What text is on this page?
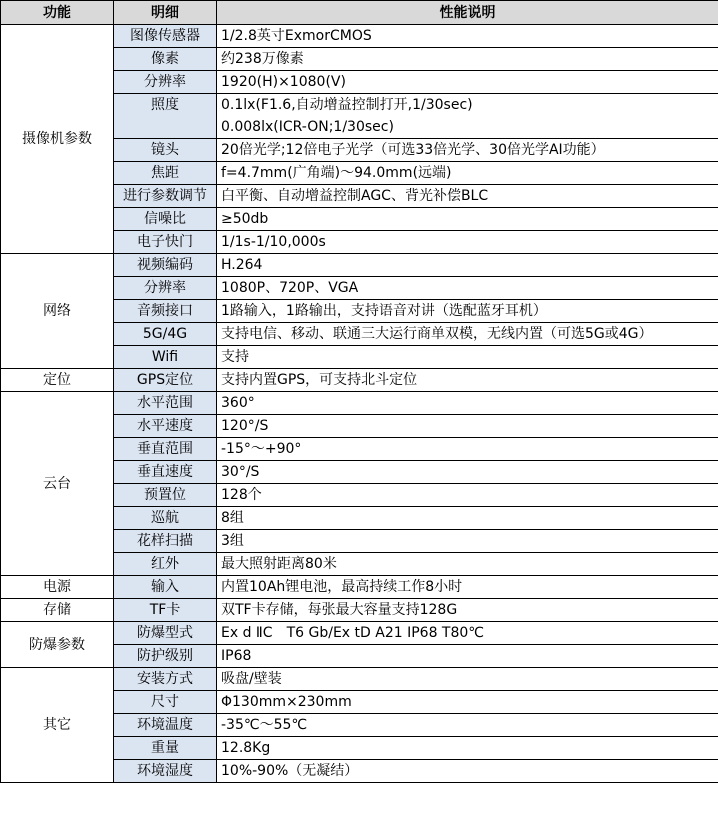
功能	明细	性能说明
摄像机参数	图像传感器	1/2.8英寸ExmorCMOS

	像素	约238万像素

	分辨率	1920(H)×1080(V)

	照度	0.1lx(F1.6,自动增益控制打开,1/30sec)
0.008lx(ICR-ON;1/30sec)

	镜头	20倍光学;12倍电子光学（可选33倍光学、30倍光学AI功能）

	焦距	f=4.7mm(广角端)～94.0mm(远端)

	进行参数调节	白平衡、自动增益控制AGC、背光补偿BLC

	信噪比	≥50db

	电子快门	1/1s-1/10,000s

网络	视频编码	H.264

	分辨率	1080P、720P、VGA

	音频接口	1路输入，1路输出，支持语音对讲（选配蓝牙耳机）

	5G/4G	支持电信、移动、联通三大运行商单双模，无线内置（可选5G或4G）

	Wifi	支持

定位	GPS定位	支持内置GPS，可支持北斗定位

云台	水平范围	360°

	水平速度	120°/S

	垂直范围	-15°～+90°

	垂直速度	30°/S

	预置位	128个

	巡航	8组

	花样扫描	3组

	红外	最大照射距离80米

电源	输入	内置10Ah锂电池，最高持续工作8小时

存储	TF卡	双TF卡存储，每张最大容量支持128G

防爆参数	防爆型式	Ex d ⅡC　T6 Gb/Ex tD A21 IP68 T80℃

	防护级别	IP68

其它	安装方式	吸盘/壁装

	尺寸	Φ130mm×230mm

	环境温度	-35℃～55℃

	重量	12.8Kg

	环境湿度	10%-90%（无凝结）
